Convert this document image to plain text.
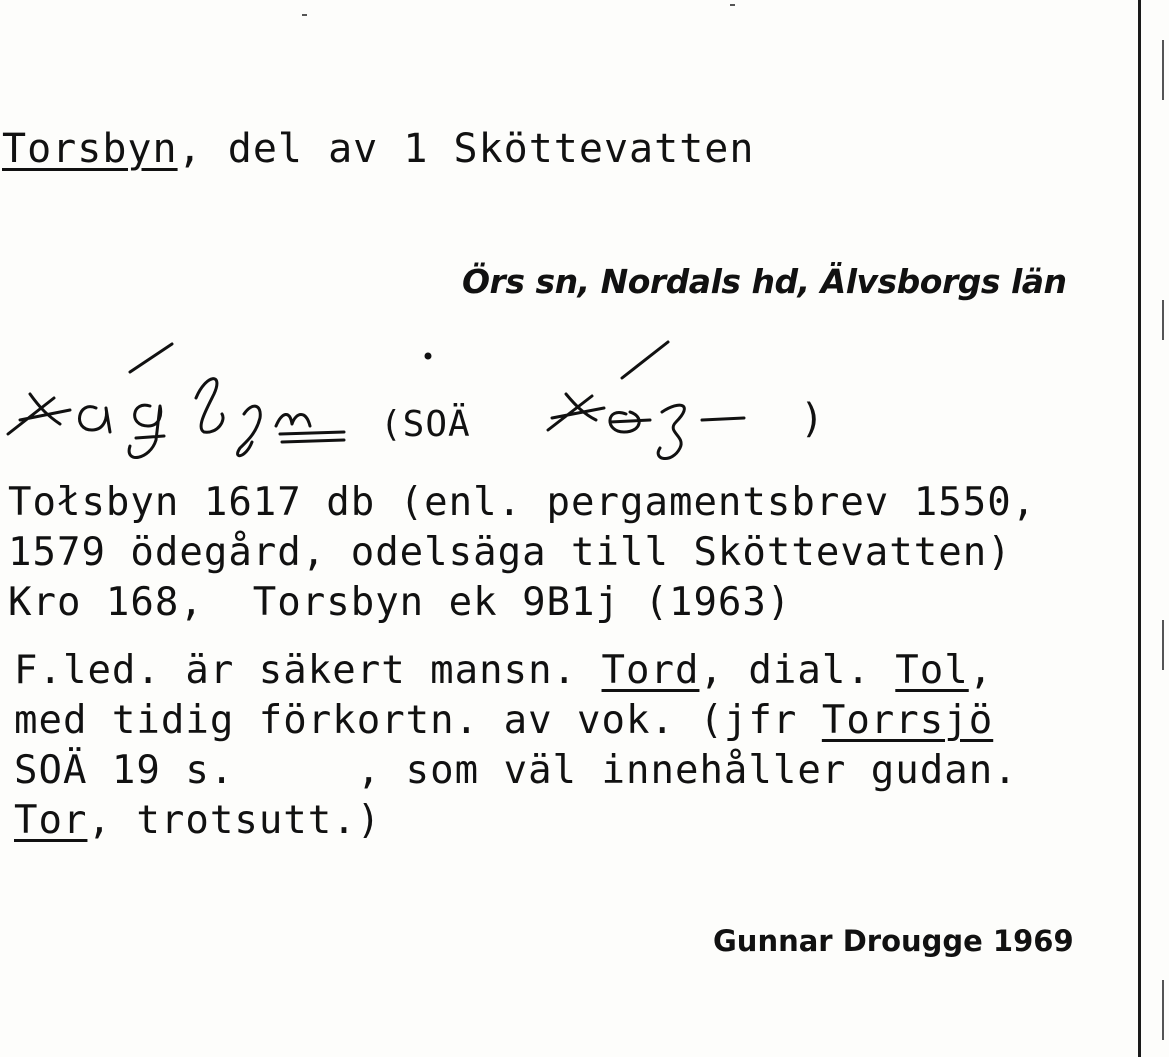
Torsbyn, del av 1 Sköttevatten
Örs sn, Nordals hd, Älvsborgs län
(SOÄ	)
Tołsbyn 1617 db (enl. pergamentsbrev 1550,
1579 ödegård, odelsäga till Sköttevatten)
Kro 168,  Torsbyn ek 9B1j (1963)
F.led. är säkert mansn. Tord, dial. Tol,
med tidig förkortn. av vok. (jfr Torrsjö
SOÄ 19 s.     , som väl innehåller gudan.
Tor, trotsutt.)
Gunnar Drougge 1969
